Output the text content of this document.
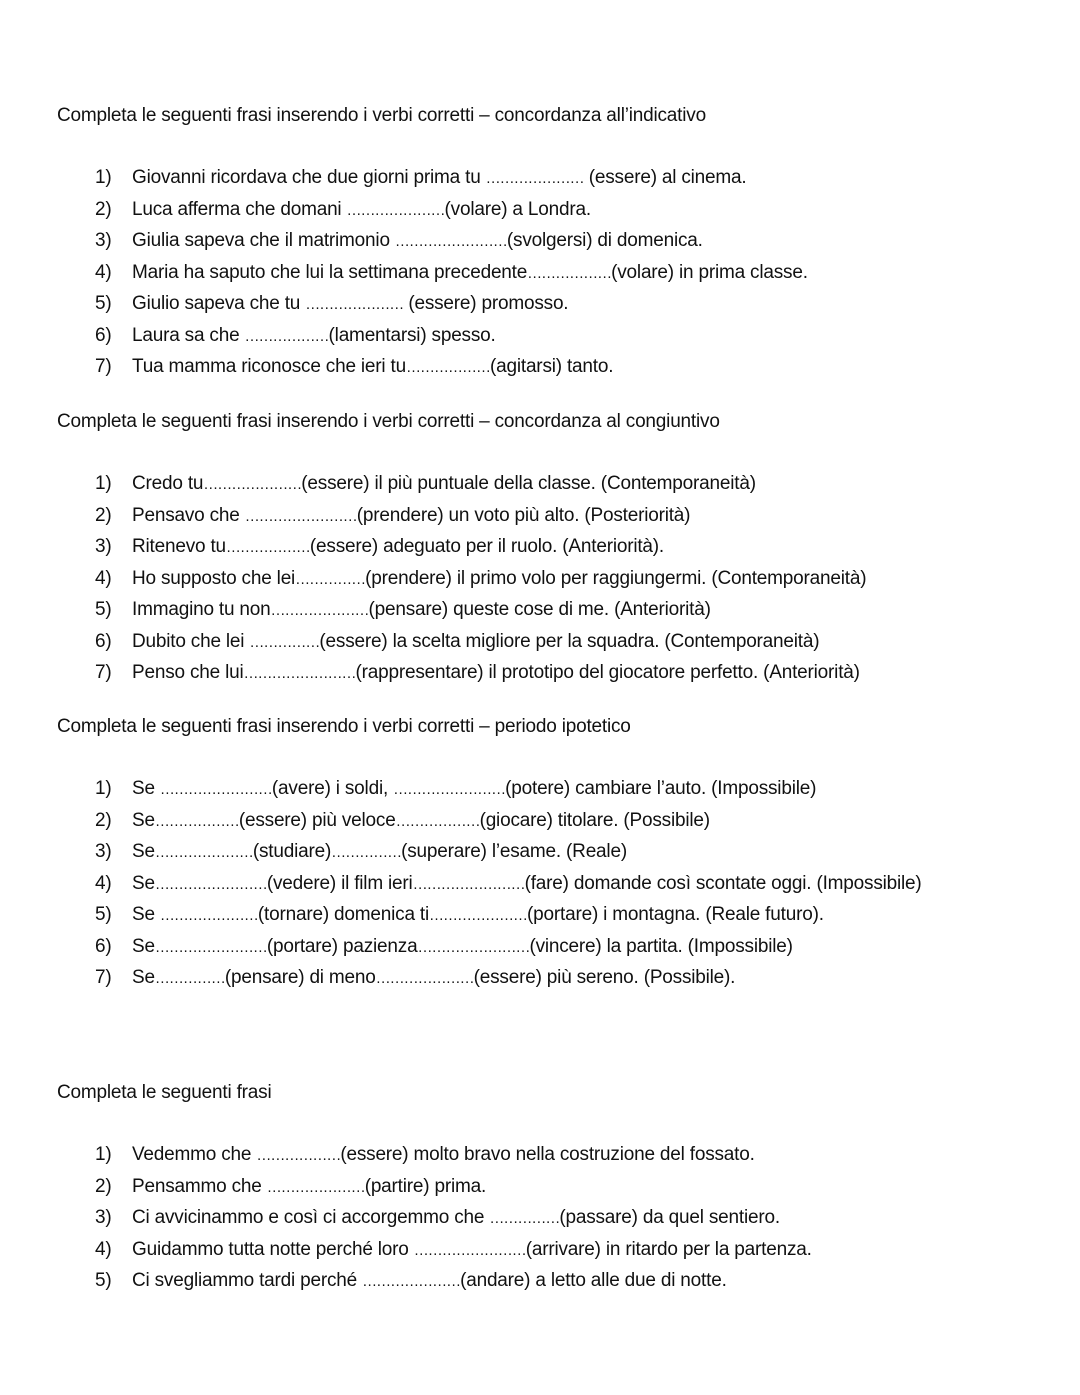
Completa le seguenti frasi inserendo i verbi corretti – concordanza all’indicativo
1) Giovanni ricordava che due giorni prima tu ………………… (essere) al cinema.
2) Luca afferma che domani …………………(volare) a Londra.
3) Giulia sapeva che il matrimonio ……………………(svolgersi) di domenica.
4) Maria ha saputo che lui la settimana precedente………………(volare) in prima classe.
5) Giulio sapeva che tu ………………… (essere) promosso.
6) Laura sa che ………………(lamentarsi) spesso.
7) Tua mamma riconosce che ieri tu………………(agitarsi) tanto.
Completa le seguenti frasi inserendo i verbi corretti – concordanza al congiuntivo
1) Credo tu…………………(essere) il più puntuale della classe. (Contemporaneità)
2) Pensavo che ……………………(prendere) un voto più alto. (Posteriorità)
3) Ritenevo tu………………(essere) adeguato per il ruolo. (Anteriorità).
4) Ho supposto che lei……………(prendere) il primo volo per raggiungermi. (Contemporaneità)
5) Immagino tu non…………………(pensare) queste cose di me. (Anteriorità)
6) Dubito che lei ……………(essere) la scelta migliore per la squadra. (Contemporaneità)
7) Penso che lui……………………(rappresentare) il prototipo del giocatore perfetto. (Anteriorità)
Completa le seguenti frasi inserendo i verbi corretti – periodo ipotetico
1) Se ……………………(avere) i soldi, ……………………(potere) cambiare l’auto. (Impossibile)
2) Se………………(essere) più veloce………………(giocare) titolare. (Possibile)
3) Se…………………(studiare)……………(superare) l’esame. (Reale)
4) Se……………………(vedere) il film ieri……………………(fare) domande così scontate oggi. (Impossibile)
5) Se …………………(tornare) domenica ti…………………(portare) i montagna. (Reale futuro).
6) Se……………………(portare) pazienza……………………(vincere) la partita. (Impossibile)
7) Se……………(pensare) di meno…………………(essere) più sereno. (Possibile).
Completa le seguenti frasi
1) Vedemmo che ………………(essere) molto bravo nella costruzione del fossato.
2) Pensammo che …………………(partire) prima.
3) Ci avvicinammo e così ci accorgemmo che ……………(passare) da quel sentiero.
4) Guidammo tutta notte perché loro ……………………(arrivare) in ritardo per la partenza.
5) Ci svegliammo tardi perché …………………(andare) a letto alle due di notte.
